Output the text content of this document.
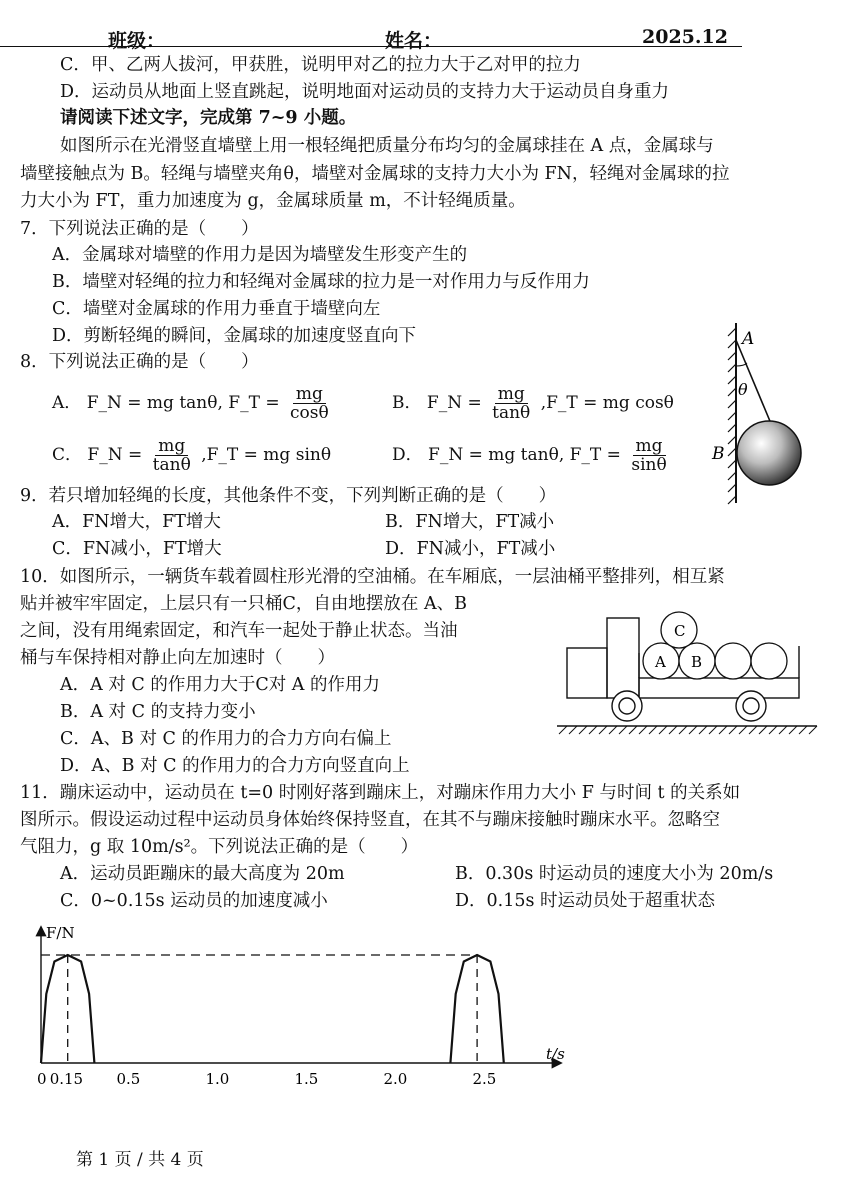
班级：	姓名：	2025.12
C．甲、乙两人拔河，甲获胜，说明甲对乙的拉力大于乙对甲的拉力
D．运动员从地面上竖直跳起，说明地面对运动员的支持力大于运动员自身重力
请阅读下述文字，完成第 7~9 小题。
如图所示在光滑竖直墙壁上用一根轻绳把质量分布均匀的金属球挂在 A 点，金属球与
墙壁接触点为 B。轻绳与墙壁夹角θ，墙壁对金属球的支持力大小为 FN，轻绳对金属球的拉
力大小为 FT，重力加速度为 g，金属球质量 m，不计轻绳质量。
7．下列说法正确的是（　　）
A．金属球对墙壁的作用力是因为墙壁发生形变产生的
B．墙壁对轻绳的拉力和轻绳对金属球的拉力是一对作用力与反作用力
C．墙壁对金属球的作用力垂直于墙壁向左
D．剪断轻绳的瞬间，金属球的加速度竖直向下
8．下列说法正确的是（　　）
A． F_N = mg tanθ, F_T = $\frac{mg}{\cos\theta}$	B． F_N = $\frac{mg}{\tan\theta}$ ,F_T = mg cosθ
C． F_N = $\frac{mg}{\tan\theta}$ ,F_T = mg sinθ	D． F_N = mg tanθ, F_T = $\frac{mg}{\sin\theta}$
A
θ
B
9．若只增加轻绳的长度，其他条件不变，下列判断正确的是（　　）
A．FN增大，FT增大	B．FN增大，FT减小
C．FN减小，FT增大	D．FN减小，FT减小
10．如图所示，一辆货车载着圆柱形光滑的空油桶。在车厢底，一层油桶平整排列，相互紧
贴并被牢牢固定，上层只有一只桶C，自由地摆放在 A、B
之间，没有用绳索固定，和汽车一起处于静止状态。当油
桶与车保持相对静止向左加速时（　　）
A．A 对 C 的作用力大于C对 A 的作用力
B．A 对 C 的支持力变小
C．A、B 对 C 的作用力的合力方向右偏上
D．A、B 对 C 的作用力的合力方向竖直向上
A B
C
11．蹦床运动中，运动员在 t=0 时刚好落到蹦床上，对蹦床作用力大小 F 与时间 t 的关系如
图所示。假设运动过程中运动员身体始终保持竖直，在其不与蹦床接触时蹦床水平。忽略空
气阻力，g 取 10m/s²。下列说法正确的是（　　）
A．运动员距蹦床的最大高度为 20m	B．0.30s 时运动员的速度大小为 20m/s
C．0~0.15s 运动员的加速度减小	D．0.15s 时运动员处于超重状态
F/N
t/s
0 0.15 0.5	1.0	1.5	2.0	2.5
第 1 页 / 共 4 页
